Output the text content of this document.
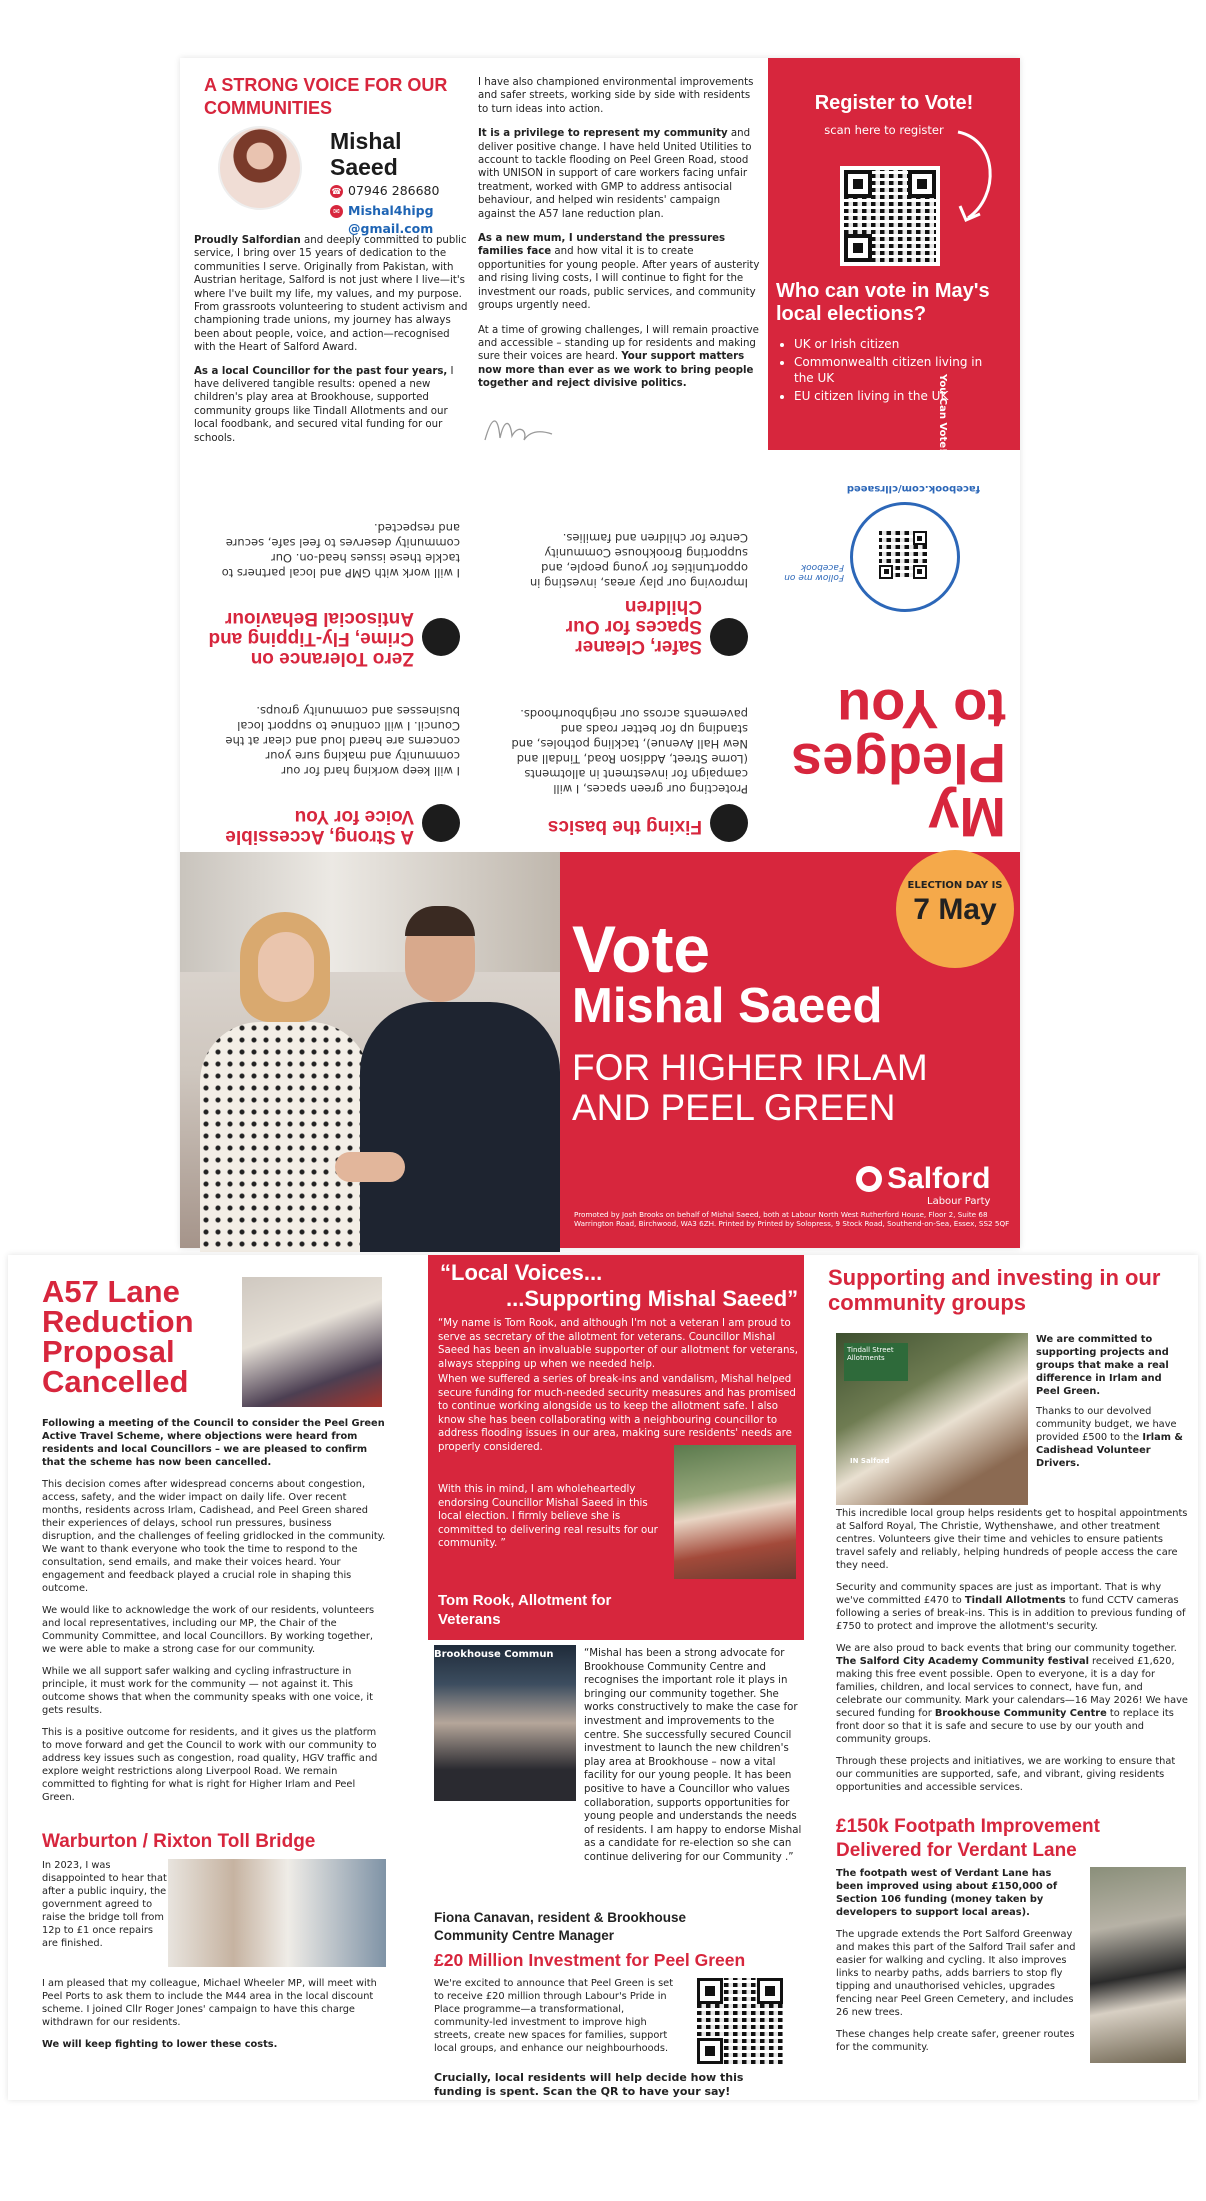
A STRONG VOICE FOR OUR COMMUNITIES
Mishal
Saeed
☎ 07946 286680
✉ Mishal4hipg
@gmail.com

Proudly Salfordian and deeply committed to public service, I bring over 15 years of dedication to the communities I serve. Originally from Pakistan, with Austrian heritage, Salford is not just where I live—it's where I've built my life, my values, and my purpose. From grassroots volunteering to student activism and championing trade unions, my journey has always been about people, voice, and action—recognised with the Heart of Salford Award.

As a local Councillor for the past four years, I have delivered tangible results: opened a new children's play area at Brookhouse, supported community groups like Tindall Allotments and our local foodbank, and secured vital funding for our schools.

I have also championed environmental improvements and safer streets, working side by side with residents to turn ideas into action.

It is a privilege to represent my community and deliver positive change. I have held United Utilities to account to tackle flooding on Peel Green Road, stood with UNISON in support of care workers facing unfair treatment, worked with GMP to address antisocial behaviour, and helped win residents' campaign against the A57 lane reduction plan.

As a new mum, I understand the pressures families face and how vital it is to create opportunities for young people. After years of austerity and rising living costs, I will continue to fight for the investment our roads, public services, and community groups urgently need.

At a time of growing challenges, I will remain proactive and accessible – standing up for residents and making sure their voices are heard. Your support matters now more than ever as we work to bring people together and reject divisive politics.

Register to Vote!
scan here to register
Who can vote in May's local elections?
• UK or Irish citizen
• Commonwealth citizen living in the UK
• EU citizen living in the UK
You Can Vote!
My
Pledges
to You
facebook.com/cllrsaeed
Follow me on Facebook
Fixing the basics
Protecting our green spaces, I will campaign for investment in allotments (Lorne Street, Addison Road, Tindall and New Hall Avenue), tackling potholes, and standing up for better roads and pavements across our neighbourhoods.
A Strong, Accessible Voice for You
I will keep working hard for our community and making sure your concerns are heard loud and clear at the Council. I will continue to support local businesses and community groups.
Safer, Cleaner Spaces for Our Children
Improving our play areas, investing in opportunities for young people, and supporting Brookhouse Community Centre for children and families.
Zero Tolerance on Crime, Fly-Tipping and Antisocial Behaviour
I will work with GMP and local partners to tackle these issues head-on. Our community deserves to feel safe, secure and respected.
ELECTION DAY IS
7 May
Vote
Mishal Saeed
FOR HIGHER IRLAM
AND PEEL GREEN
Salford
Labour Party
Promoted by Josh Brooks on behalf of Mishal Saeed, both at Labour North West Rutherford House, Floor 2, Suite 68 Warrington Road, Birchwood, WA3 6ZH. Printed by Printed by Solopress, 9 Stock Road, Southend-on-Sea, Essex, SS2 5QF
A57 Lane Reduction Proposal Cancelled

Following a meeting of the Council to consider the Peel Green Active Travel Scheme, where objections were heard from residents and local Councillors – we are pleased to confirm that the scheme has now been cancelled.

This decision comes after widespread concerns about congestion, access, safety, and the wider impact on daily life. Over recent months, residents across Irlam, Cadishead, and Peel Green shared their experiences of delays, school run pressures, business disruption, and the challenges of feeling gridlocked in the community. We want to thank everyone who took the time to respond to the consultation, send emails, and make their voices heard. Your engagement and feedback played a crucial role in shaping this outcome.

We would like to acknowledge the work of our residents, volunteers and local representatives, including our MP, the Chair of the Community Committee, and local Councillors. By working together, we were able to make a strong case for our community.

While we all support safer walking and cycling infrastructure in principle, it must work for the community — not against it. This outcome shows that when the community speaks with one voice, it gets results.

This is a positive outcome for residents, and it gives us the platform to move forward and get the Council to work with our community to address key issues such as congestion, road quality, HGV traffic and explore weight restrictions along Liverpool Road. We remain committed to fighting for what is right for Higher Irlam and Peel Green.

Warburton / Rixton Toll Bridge

In 2023, I was disappointed to hear that after a public inquiry, the government agreed to raise the bridge toll from 12p to £1 once repairs are finished.

I am pleased that my colleague, Michael Wheeler MP, will meet with Peel Ports to ask them to include the M44 area in the local discount scheme. I joined Cllr Roger Jones' campaign to have this charge withdrawn for our residents.

We will keep fighting to lower these costs.

“Local Voices...
...Supporting Mishal Saeed”
“My name is Tom Rook, and although I'm not a veteran I am proud to serve as secretary of the allotment for veterans. Councillor Mishal Saeed has been an invaluable supporter of our allotment for veterans, always stepping up when we needed help.
When we suffered a series of break-ins and vandalism, Mishal helped secure funding for much-needed security measures and has promised to continue working alongside us to keep the allotment safe. I also know she has been collaborating with a neighbouring councillor to address flooding issues in our area, making sure residents' needs are properly considered.
With this in mind, I am wholeheartedly endorsing Councillor Mishal Saeed in this local election. I firmly believe she is committed to delivering real results for our community. ”
Tom Rook, Allotment for Veterans
Brookhouse Commun	“Mishal has been a strong advocate for Brookhouse Community Centre and recognises the important role it plays in bringing our community together. She works constructively to make the case for investment and improvements to the centre. She successfully secured Council investment to launch the new children's play area at Brookhouse – now a vital facility for our young people. It has been positive to have a Councillor who values collaboration, supports opportunities for young people and understands the needs of residents. I am happy to endorse Mishal as a candidate for re-election so she can continue delivering for our Community .”
Fiona Canavan, resident & Brookhouse Community Centre Manager
£20 Million Investment for Peel Green
We're excited to announce that Peel Green is set to receive £20 million through Labour's Pride in Place programme—a transformational, community-led investment to improve high streets, create new spaces for families, support local groups, and enhance our neighbourhoods.
Crucially, local residents will help decide how this funding is spent. Scan the QR to have your say!
Supporting and investing in our community groups
Tindall Street Allotments
IN Salford

We are committed to supporting projects and groups that make a real difference in Irlam and Peel Green.

Thanks to our devolved community budget, we have provided £500 to the Irlam & Cadishead Volunteer Drivers.

This incredible local group helps residents get to hospital appointments at Salford Royal, The Christie, Wythenshawe, and other treatment centres. Volunteers give their time and vehicles to ensure patients travel safely and reliably, helping hundreds of people access the care they need.

Security and community spaces are just as important. That is why we've committed £470 to Tindall Allotments to fund CCTV cameras following a series of break-ins. This is in addition to previous funding of £750 to protect and improve the allotment's security.

We are also proud to back events that bring our community together. The Salford City Academy Community festival received £1,620, making this free event possible. Open to everyone, it is a day for families, children, and local services to connect, have fun, and celebrate our community. Mark your calendars—16 May 2026! We have secured funding for Brookhouse Community Centre to replace its front door so that it is safe and secure to use by our youth and community groups.

Through these projects and initiatives, we are working to ensure that our communities are supported, safe, and vibrant, giving residents opportunities and accessible services.

£150k Footpath Improvement Delivered for Verdant Lane

The footpath west of Verdant Lane has been improved using about £150,000 of Section 106 funding (money taken by developers to support local areas).

The upgrade extends the Port Salford Greenway and makes this part of the Salford Trail safer and easier for walking and cycling. It also improves links to nearby paths, adds barriers to stop fly tipping and unauthorised vehicles, upgrades fencing near Peel Green Cemetery, and includes 26 new trees.

These changes help create safer, greener routes for the community.
